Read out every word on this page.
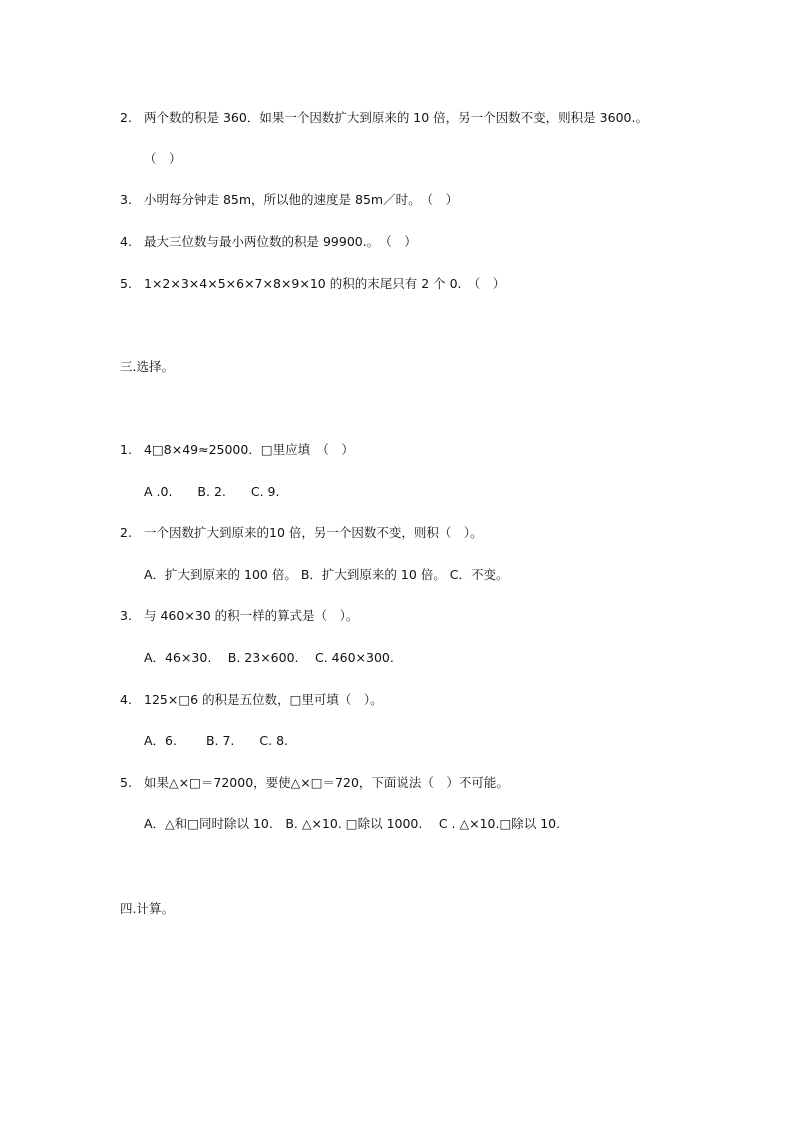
2. 两个数的积是 360．如果一个因数扩大到原来的 10 倍，另一个因数不变，则积是 3600.。
（　）
3. 小明每分钟走 85m，所以他的速度是 85m／时。　（　）
4. 最大三位数与最小两位数的积是 99900.。　（　）
5. 1×2×3×4×5×6×7×8×9×10 的积的末尾只有 2 个 0.　（　）
三.选择。
1. 4□8×49≈25000．□里应填　（　）
A .0.　　B. 2.　　C. 9.
2. 一个因数扩大到原来的10 倍，另一个因数不变，则积（　）。
A．扩大到原来的 100 倍。 B．扩大到原来的 10 倍。 C．不变。
3. 与 460×30 的积一样的算式是（　）。
A．46×30.　 B. 23×600.　 C. 460×300.
4. 125×□6 的积是五位数，□里可填（　）。
A．6.　　 B. 7.　　C. 8.
5. 如果△×□＝72000，要使△×□＝720，下面说法（　）不可能。
A．△和□同时除以 10.　B. △×10. □除以 1000.　 C . △×10.□除以 10.
四.计算。
